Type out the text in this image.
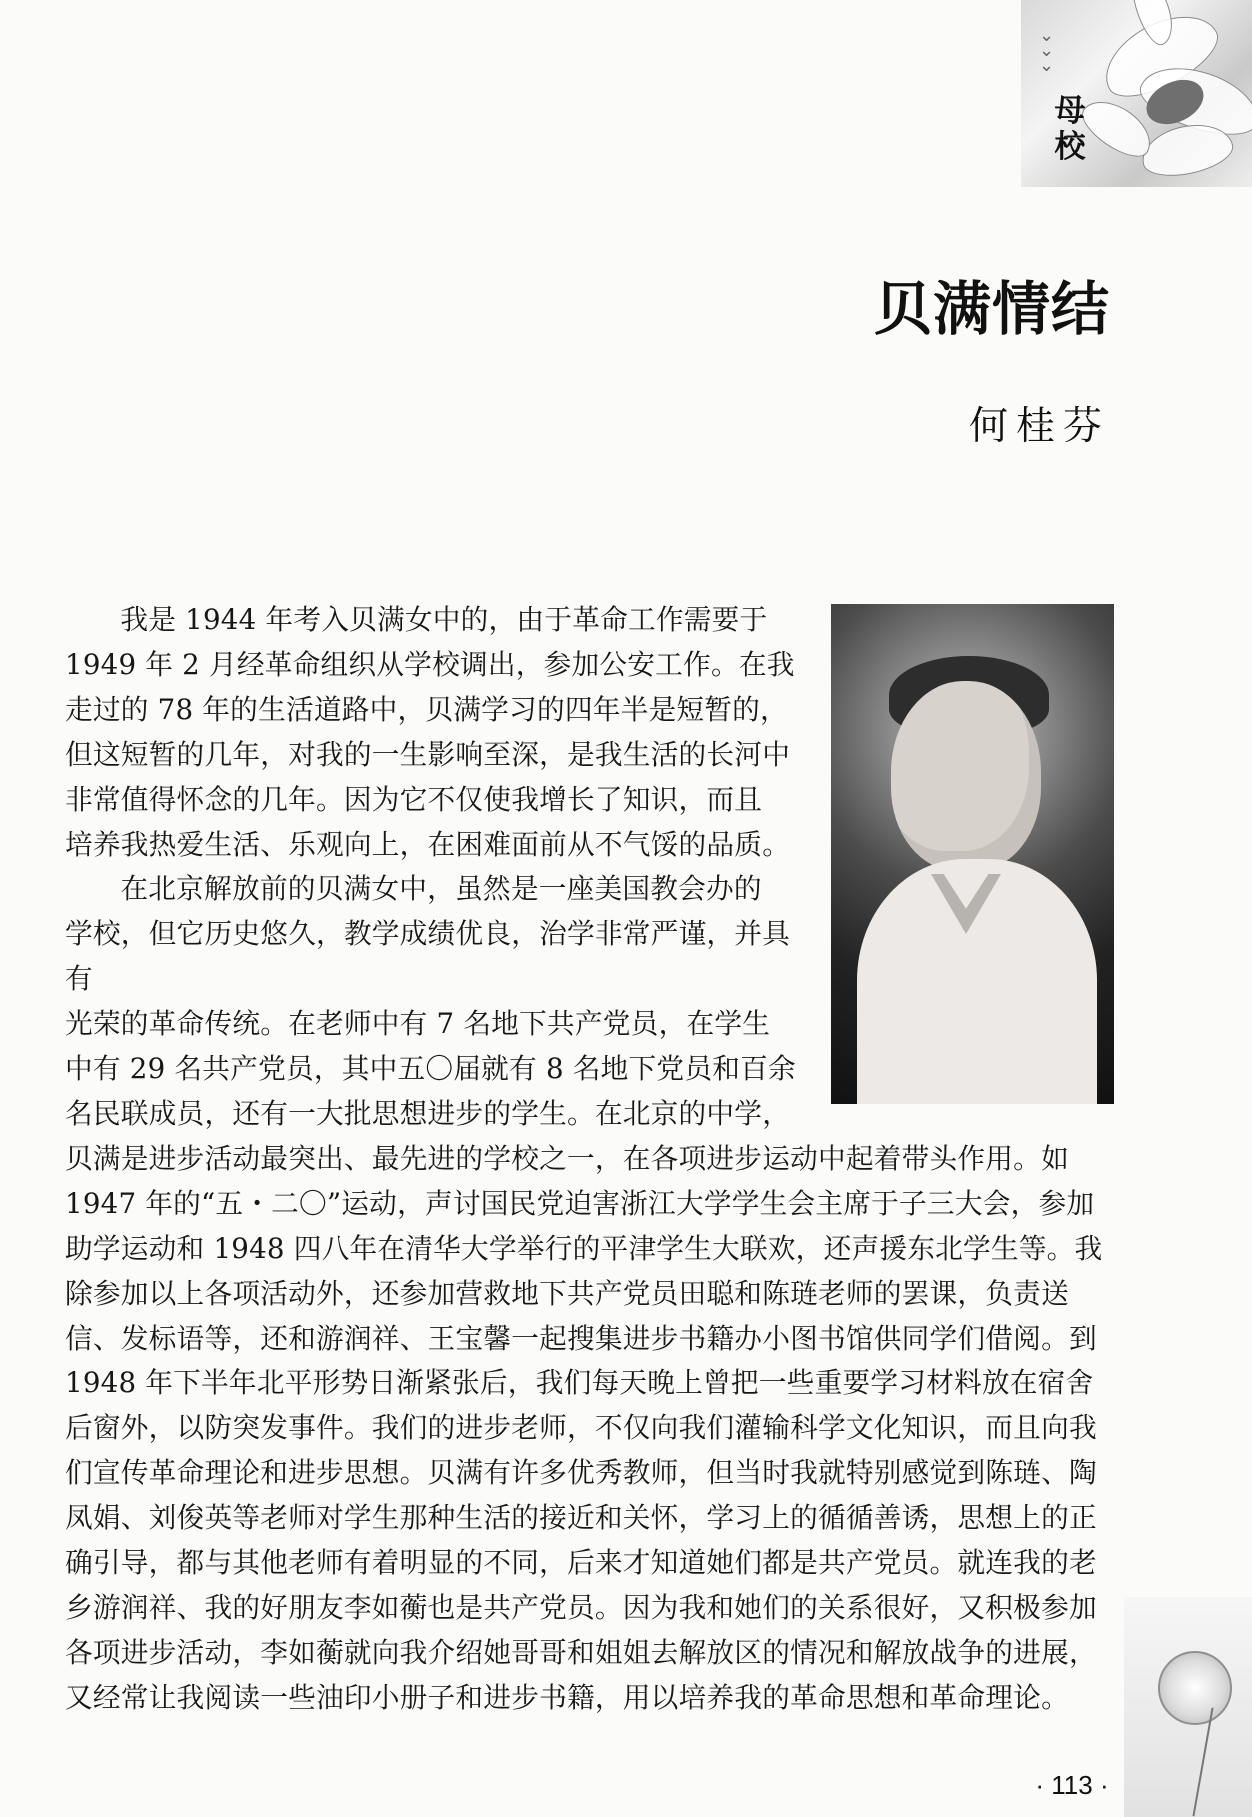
⌄
⌄
⌄
母校
贝满情结
何桂芬

我是 1944 年考入贝满女中的，由于革命工作需要于
1949 年 2 月经革命组织从学校调出，参加公安工作。在我
走过的 78 年的生活道路中，贝满学习的四年半是短暂的，
但这短暂的几年，对我的一生影响至深，是我生活的长河中
非常值得怀念的几年。因为它不仅使我增长了知识，而且
培养我热爱生活、乐观向上，在困难面前从不气馁的品质。

在北京解放前的贝满女中，虽然是一座美国教会办的
学校，但它历史悠久，教学成绩优良，治学非常严谨，并具有
光荣的革命传统。在老师中有 7 名地下共产党员，在学生
中有 29 名共产党员，其中五〇届就有 8 名地下党员和百余
名民联成员，还有一大批思想进步的学生。在北京的中学，

贝满是进步活动最突出、最先进的学校之一，在各项进步运动中起着带头作用。如
1947 年的“五・二〇”运动，声讨国民党迫害浙江大学学生会主席于子三大会，参加
助学运动和 1948 四八年在清华大学举行的平津学生大联欢，还声援东北学生等。我
除参加以上各项活动外，还参加营救地下共产党员田聪和陈琏老师的罢课，负责送
信、发标语等，还和游润祥、王宝馨一起搜集进步书籍办小图书馆供同学们借阅。到
1948 年下半年北平形势日渐紧张后，我们每天晚上曾把一些重要学习材料放在宿舍
后窗外，以防突发事件。我们的进步老师，不仅向我们灌输科学文化知识，而且向我
们宣传革命理论和进步思想。贝满有许多优秀教师，但当时我就特别感觉到陈琏、陶
凤娟、刘俊英等老师对学生那种生活的接近和关怀，学习上的循循善诱，思想上的正
确引导，都与其他老师有着明显的不同，后来才知道她们都是共产党员。就连我的老
乡游润祥、我的好朋友李如蘅也是共产党员。因为我和她们的关系很好，又积极参加
各项进步活动，李如蘅就向我介绍她哥哥和姐姐去解放区的情况和解放战争的进展，
又经常让我阅读一些油印小册子和进步书籍，用以培养我的革命思想和革命理论。

· 113 ·
